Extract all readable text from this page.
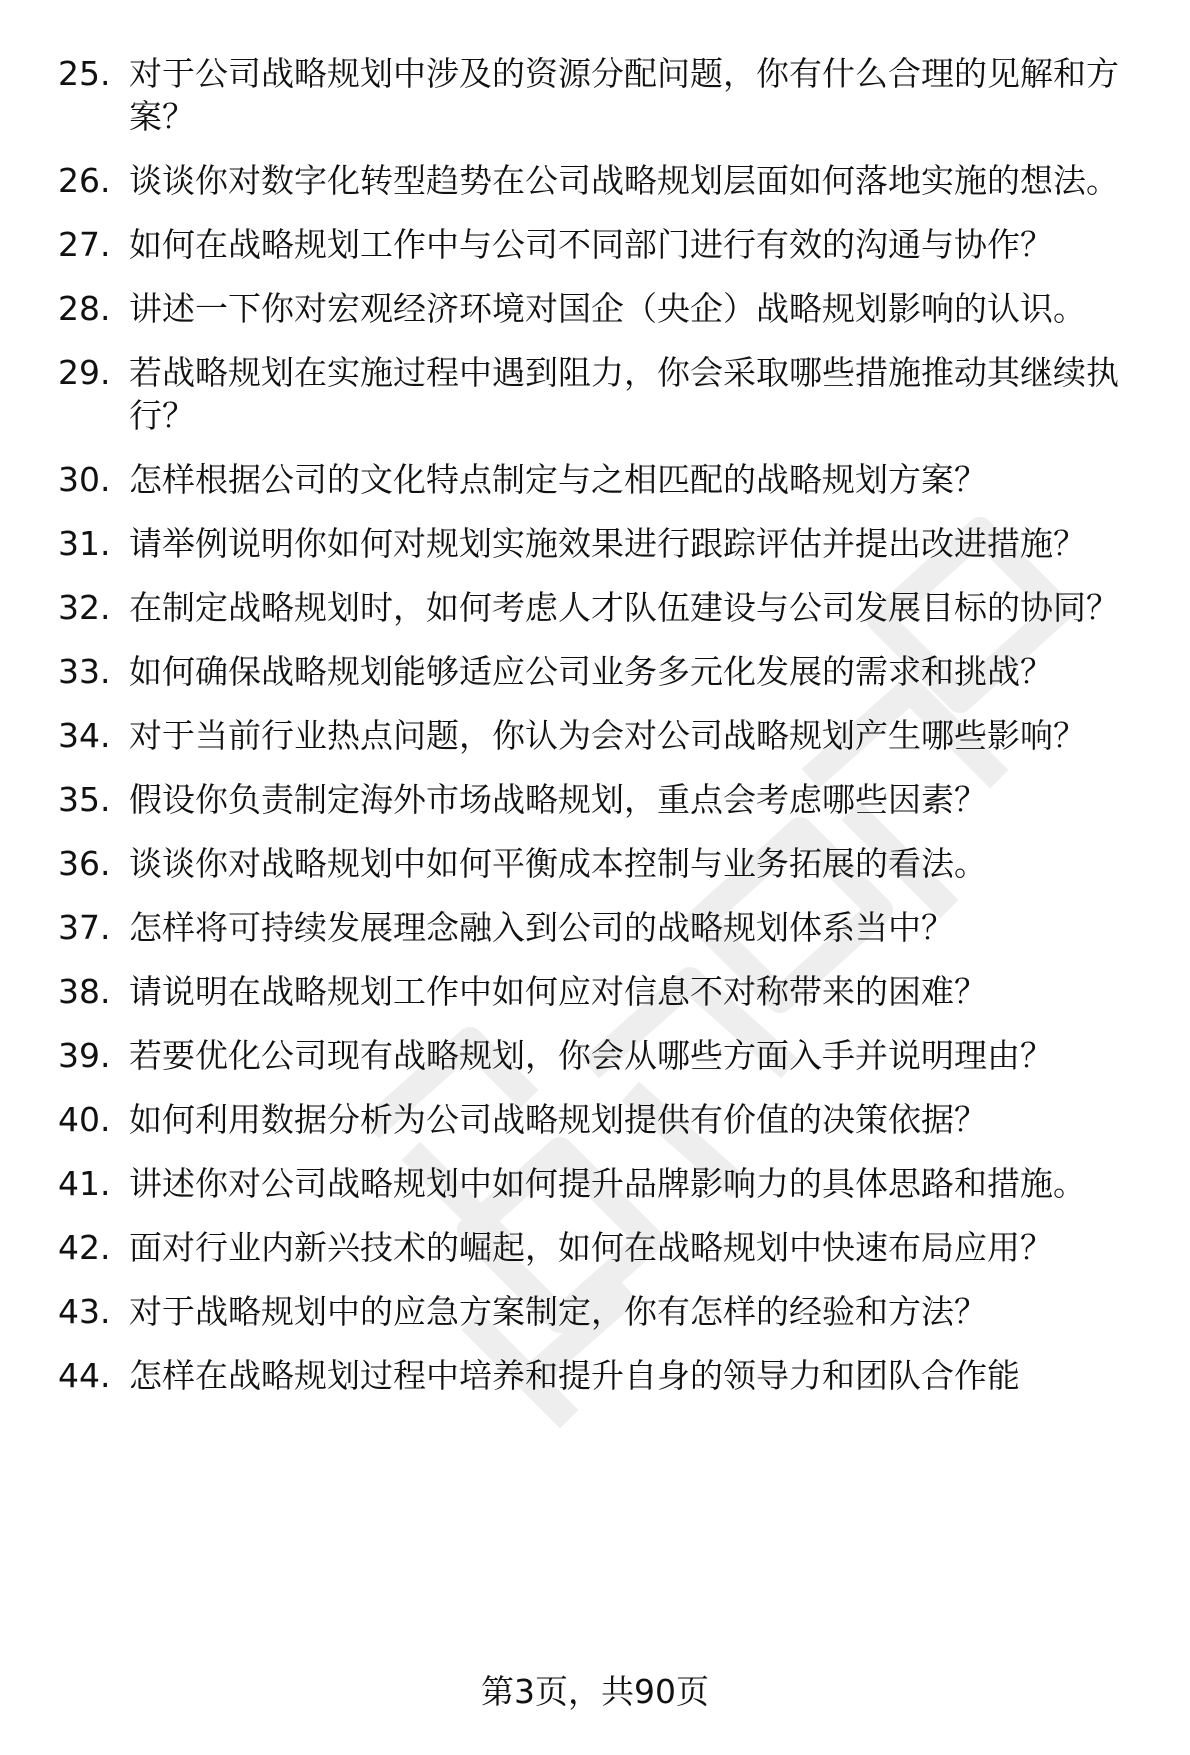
25. 对于公司战略规划中涉及的资源分配问题，你有什么合理的见解和方案？
26. 谈谈你对数字化转型趋势在公司战略规划层面如何落地实施的想法。
27. 如何在战略规划工作中与公司不同部门进行有效的沟通与协作？
28. 讲述一下你对宏观经济环境对国企（央企）战略规划影响的认识。
29. 若战略规划在实施过程中遇到阻力，你会采取哪些措施推动其继续执行？
30. 怎样根据公司的文化特点制定与之相匹配的战略规划方案？
31. 请举例说明你如何对规划实施效果进行跟踪评估并提出改进措施？
32. 在制定战略规划时，如何考虑人才队伍建设与公司发展目标的协同？
33. 如何确保战略规划能够适应公司业务多元化发展的需求和挑战？
34. 对于当前行业热点问题，你认为会对公司战略规划产生哪些影响？
35. 假设你负责制定海外市场战略规划，重点会考虑哪些因素？
36. 谈谈你对战略规划中如何平衡成本控制与业务拓展的看法。
37. 怎样将可持续发展理念融入到公司的战略规划体系当中？
38. 请说明在战略规划工作中如何应对信息不对称带来的困难？
39. 若要优化公司现有战略规划，你会从哪些方面入手并说明理由？
40. 如何利用数据分析为公司战略规划提供有价值的决策依据？
41. 讲述你对公司战略规划中如何提升品牌影响力的具体思路和措施。
42. 面对行业内新兴技术的崛起，如何在战略规划中快速布局应用？
43. 对于战略规划中的应急方案制定，你有怎样的经验和方法？
44. 怎样在战略规划过程中培养和提升自身的领导力和团队合作能
第3页，共90页
